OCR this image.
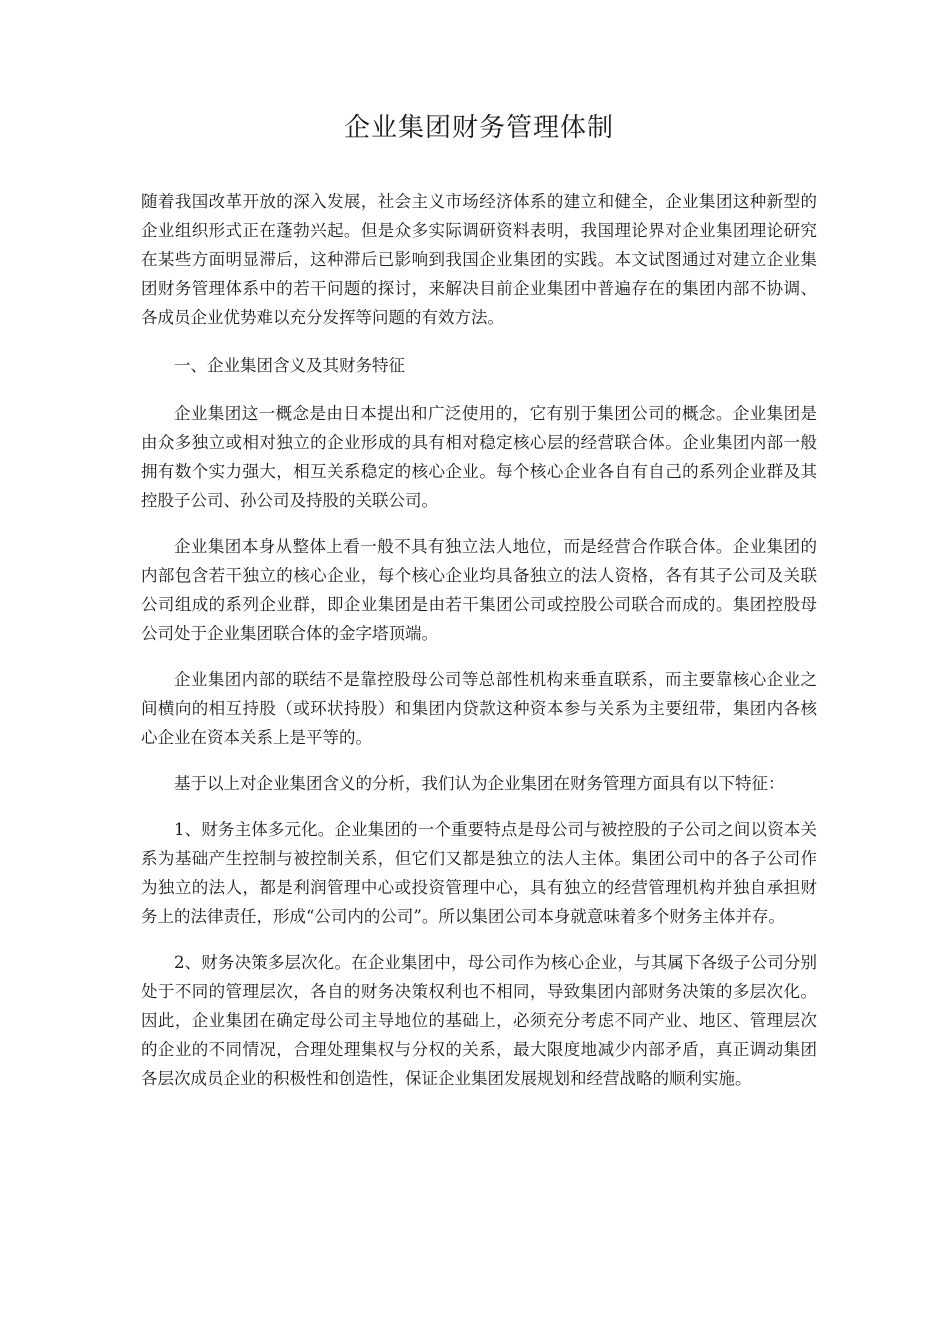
企业集团财务管理体制

随着我国改革开放的深入发展，社会主义市场经济体系的建立和健全，企业集团这种新型的企业组织形式正在蓬勃兴起。但是众多实际调研资料表明，我国理论界对企业集团理论研究在某些方面明显滞后，这种滞后已影响到我国企业集团的实践。本文试图通过对建立企业集团财务管理体系中的若干问题的探讨，来解决目前企业集团中普遍存在的集团内部不协调、各成员企业优势难以充分发挥等问题的有效方法。

一、企业集团含义及其财务特征

企业集团这一概念是由日本提出和广泛使用的，它有别于集团公司的概念。企业集团是由众多独立或相对独立的企业形成的具有相对稳定核心层的经营联合体。企业集团内部一般拥有数个实力强大，相互关系稳定的核心企业。每个核心企业各自有自己的系列企业群及其控股子公司、孙公司及持股的关联公司。

企业集团本身从整体上看一般不具有独立法人地位，而是经营合作联合体。企业集团的内部包含若干独立的核心企业，每个核心企业均具备独立的法人资格，各有其子公司及关联公司组成的系列企业群，即企业集团是由若干集团公司或控股公司联合而成的。集团控股母公司处于企业集团联合体的金字塔顶端。

企业集团内部的联结不是靠控股母公司等总部性机构来垂直联系，而主要靠核心企业之间横向的相互持股（或环状持股）和集团内贷款这种资本参与关系为主要纽带，集团内各核心企业在资本关系上是平等的。

基于以上对企业集团含义的分析，我们认为企业集团在财务管理方面具有以下特征：

1、财务主体多元化。企业集团的一个重要特点是母公司与被控股的子公司之间以资本关系为基础产生控制与被控制关系，但它们又都是独立的法人主体。集团公司中的各子公司作为独立的法人，都是利润管理中心或投资管理中心，具有独立的经营管理机构并独自承担财务上的法律责任，形成“公司内的公司”。所以集团公司本身就意味着多个财务主体并存。

2、财务决策多层次化。在企业集团中，母公司作为核心企业，与其属下各级子公司分别处于不同的管理层次，各自的财务决策权利也不相同，导致集团内部财务决策的多层次化。因此，企业集团在确定母公司主导地位的基础上，必须充分考虑不同产业、地区、管理层次的企业的不同情况，合理处理集权与分权的关系，最大限度地减少内部矛盾，真正调动集团各层次成员企业的积极性和创造性，保证企业集团发展规划和经营战略的顺利实施。
